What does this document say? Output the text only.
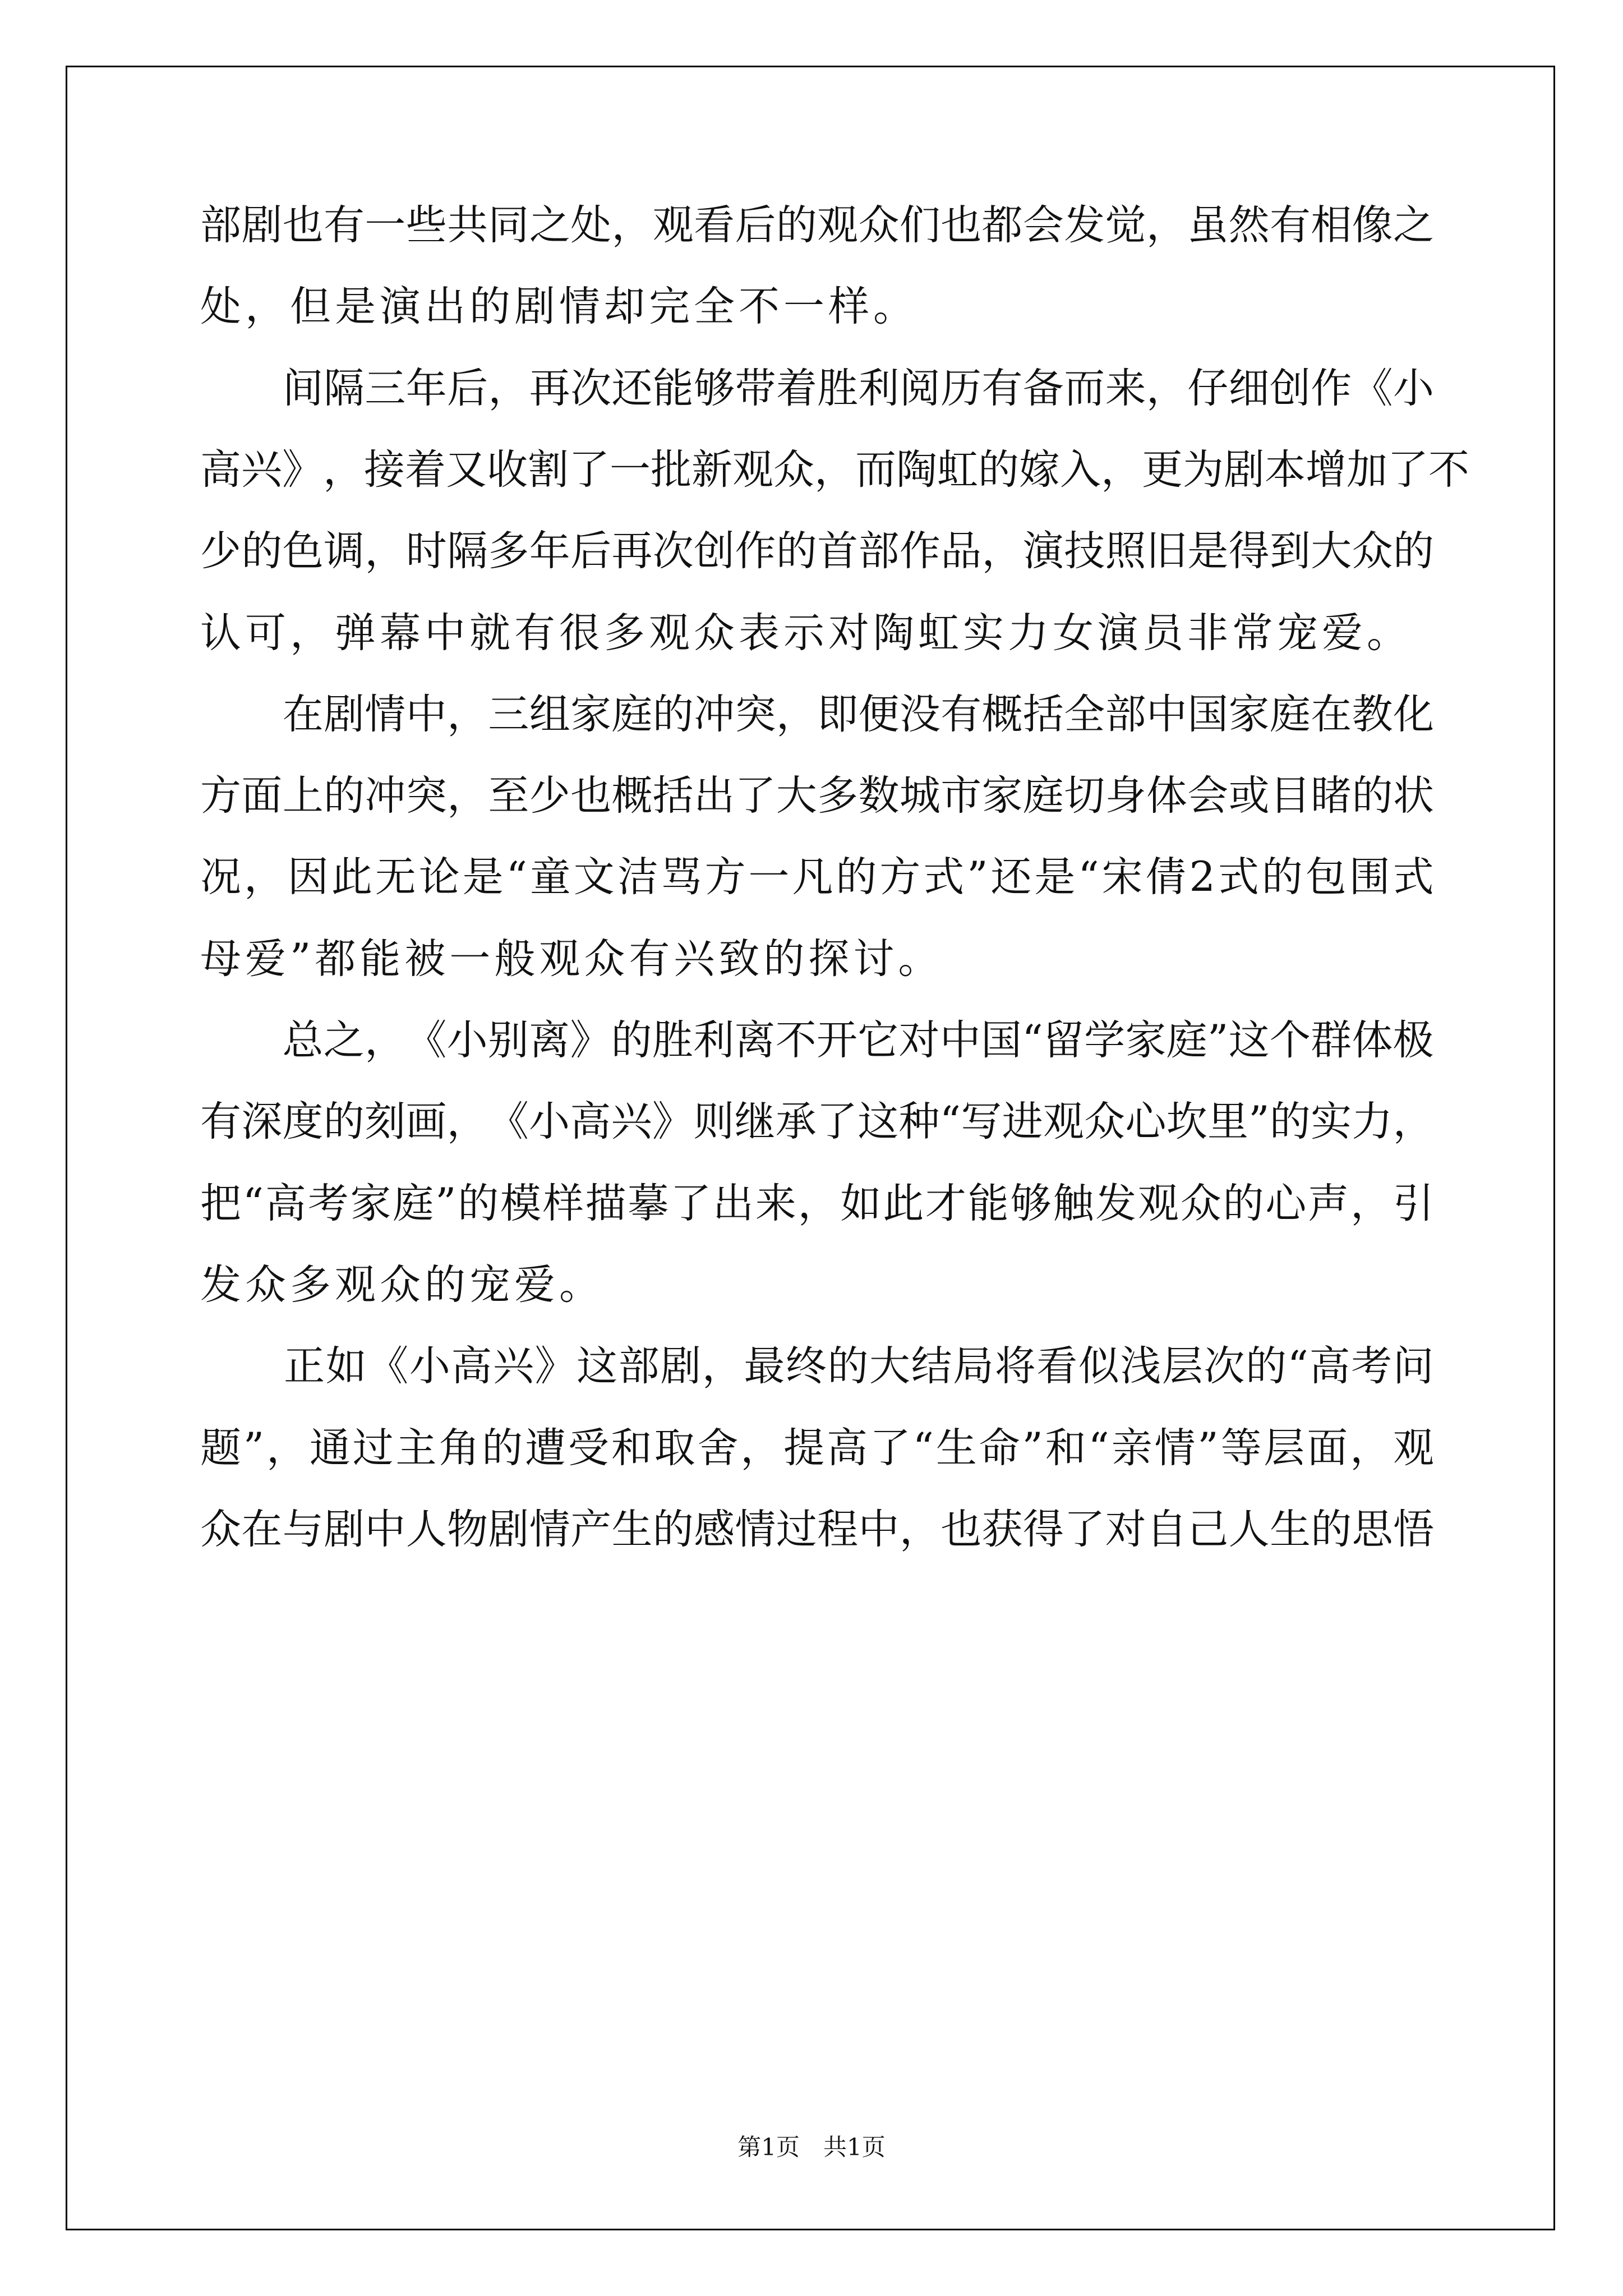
部 剧 也 有 一 些 共 同 之 处 ， 观 看 后 的 观 众 们 也 都 会 发 觉 ， 虽 然 有 相 像 之
处 ， 但 是 演 出 的 剧 情 却 完 全 不 一 样 。

间 隔 三 年 后 ， 再 次 还 能 够 带 着 胜 利 阅 历 有 备 而 来 ， 仔 细 创 作 《 小
高 兴 》 ， 接 着 又 收 割 了 一 批 新 观 众 ， 而 陶 虹 的 嫁 入 ， 更 为 剧 本 增 加 了 不
少 的 色 调 ， 时 隔 多 年 后 再 次 创 作 的 首 部 作 品 ， 演 技 照 旧 是 得 到 大 众 的
认 可 ， 弹 幕 中 就 有 很 多 观 众 表 示 对 陶 虹 实 力 女 演 员 非 常 宠 爱 。

在 剧 情 中 ， 三 组 家 庭 的 冲 突 ， 即 便 没 有 概 括 全 部 中 国 家 庭 在 教 化
方 面 上 的 冲 突 ， 至 少 也 概 括 出 了 大 多 数 城 市 家 庭 切 身 体 会 或 目 睹 的 状
况 ， 因 此 无 论 是 “ 童 文 洁 骂 方 一 凡 的 方 式 ” 还 是 “ 宋 倩 2 式 的 包 围 式
母 爱 ” 都 能 被 一 般 观 众 有 兴 致 的 探 讨 。

总 之 ， 《 小 别 离 》 的 胜 利 离 不 开 它 对 中 国 “ 留 学 家 庭 ” 这 个 群 体 极
有 深 度 的 刻 画 ， 《 小 高 兴 》 则 继 承 了 这 种 “ 写 进 观 众 心 坎 里 ” 的 实 力 ，
把 “ 高 考 家 庭 ” 的 模 样 描 摹 了 出 来 ， 如 此 才 能 够 触 发 观 众 的 心 声 ， 引
发 众 多 观 众 的 宠 爱 。

正 如 《 小 高 兴 》 这 部 剧 ， 最 终 的 大 结 局 将 看 似 浅 层 次 的 “ 高 考 问
题 ” ， 通 过 主 角 的 遭 受 和 取 舍 ， 提 高 了 “ 生 命 ” 和 “ 亲 情 ” 等 层 面 ， 观
众 在 与 剧 中 人 物 剧 情 产 生 的 感 情 过 程 中 ， 也 获 得 了 对 自 己 人 生 的 思 悟
第1页　共1页
